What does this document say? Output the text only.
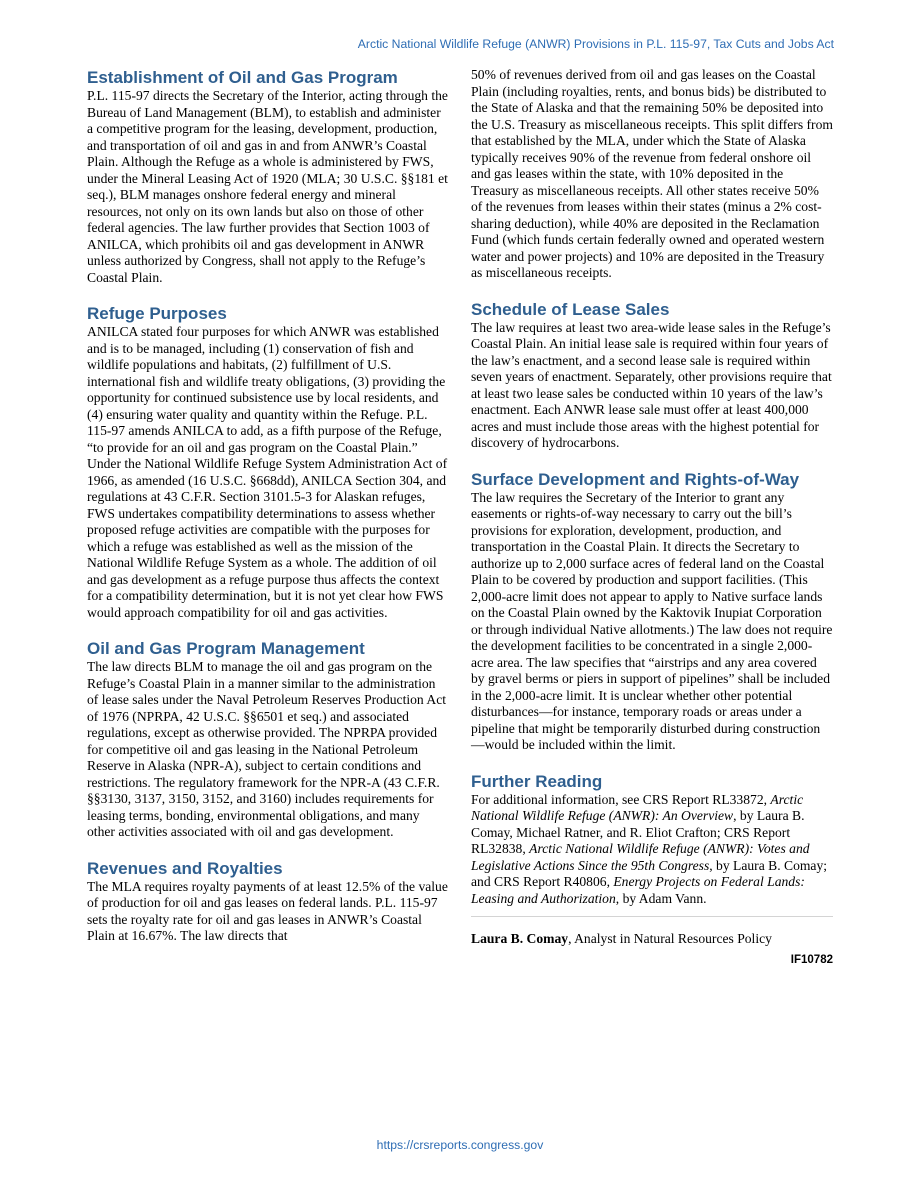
Arctic National Wildlife Refuge (ANWR) Provisions in P.L. 115-97, Tax Cuts and Jobs Act
Establishment of Oil and Gas Program

P.L. 115-97 directs the Secretary of the Interior, acting through the Bureau of Land Management (BLM), to establish and administer a competitive program for the leasing, development, production, and transportation of oil and gas in and from ANWR’s Coastal Plain. Although the Refuge as a whole is administered by FWS, under the Mineral Leasing Act of 1920 (MLA; 30 U.S.C. §§181 et seq.), BLM manages onshore federal energy and mineral resources, not only on its own lands but also on those of other federal agencies. The law further provides that Section 1003 of ANILCA, which prohibits oil and gas development in ANWR unless authorized by Congress, shall not apply to the Refuge’s Coastal Plain.

Refuge Purposes

ANILCA stated four purposes for which ANWR was established and is to be managed, including (1) conservation of fish and wildlife populations and habitats, (2) fulfillment of U.S. international fish and wildlife treaty obligations, (3) providing the opportunity for continued subsistence use by local residents, and (4) ensuring water quality and quantity within the Refuge. P.L. 115-97 amends ANILCA to add, as a fifth purpose of the Refuge, “to provide for an oil and gas program on the Coastal Plain.” Under the National Wildlife Refuge System Administration Act of 1966, as amended (16 U.S.C. §668dd), ANILCA Section 304, and regulations at 43 C.F.R. Section 3101.5-3 for Alaskan refuges, FWS undertakes compatibility determinations to assess whether proposed refuge activities are compatible with the purposes for which a refuge was established as well as the mission of the National Wildlife Refuge System as a whole. The addition of oil and gas development as a refuge purpose thus affects the context for a compatibility determination, but it is not yet clear how FWS would approach compatibility for oil and gas activities.

Oil and Gas Program Management

The law directs BLM to manage the oil and gas program on the Refuge’s Coastal Plain in a manner similar to the administration of lease sales under the Naval Petroleum Reserves Production Act of 1976 (NPRPA, 42 U.S.C. §§6501 et seq.) and associated regulations, except as otherwise provided. The NPRPA provided for competitive oil and gas leasing in the National Petroleum Reserve in Alaska (NPR-A), subject to certain conditions and restrictions. The regulatory framework for the NPR-A (43 C.F.R. §§3130, 3137, 3150, 3152, and 3160) includes requirements for leasing terms, bonding, environmental obligations, and many other activities associated with oil and gas development.

Revenues and Royalties

The MLA requires royalty payments of at least 12.5% of the value of production for oil and gas leases on federal lands. P.L. 115-97 sets the royalty rate for oil and gas leases in ANWR’s Coastal Plain at 16.67%. The law directs that

50% of revenues derived from oil and gas leases on the Coastal Plain (including royalties, rents, and bonus bids) be distributed to the State of Alaska and that the remaining 50% be deposited into the U.S. Treasury as miscellaneous receipts. This split differs from that established by the MLA, under which the State of Alaska typically receives 90% of the revenue from federal onshore oil and gas leases within the state, with 10% deposited in the Treasury as miscellaneous receipts. All other states receive 50% of the revenues from leases within their states (minus a 2% cost-sharing deduction), while 40% are deposited in the Reclamation Fund (which funds certain federally owned and operated western water and power projects) and 10% are deposited in the Treasury as miscellaneous receipts.

Schedule of Lease Sales

The law requires at least two area-wide lease sales in the Refuge’s Coastal Plain. An initial lease sale is required within four years of the law’s enactment, and a second lease sale is required within seven years of enactment. Separately, other provisions require that at least two lease sales be conducted within 10 years of the law’s enactment. Each ANWR lease sale must offer at least 400,000 acres and must include those areas with the highest potential for discovery of hydrocarbons.

Surface Development and Rights-of-Way

The law requires the Secretary of the Interior to grant any easements or rights-of-way necessary to carry out the bill’s provisions for exploration, development, production, and transportation in the Coastal Plain. It directs the Secretary to authorize up to 2,000 surface acres of federal land on the Coastal Plain to be covered by production and support facilities. (This 2,000-acre limit does not appear to apply to Native surface lands on the Coastal Plain owned by the Kaktovik Inupiat Corporation or through individual Native allotments.) The law does not require the development facilities to be concentrated in a single 2,000-acre area. The law specifies that “airstrips and any area covered by gravel berms or piers in support of pipelines” shall be included in the 2,000-acre limit. It is unclear whether other potential disturbances—for instance, temporary roads or areas under a pipeline that might be temporarily disturbed during construction—would be included within the limit.

Further Reading

For additional information, see CRS Report RL33872, Arctic National Wildlife Refuge (ANWR): An Overview, by Laura B. Comay, Michael Ratner, and R. Eliot Crafton; CRS Report RL32838, Arctic National Wildlife Refuge (ANWR): Votes and Legislative Actions Since the 95th Congress, by Laura B. Comay; and CRS Report R40806, Energy Projects on Federal Lands: Leasing and Authorization, by Adam Vann.

Laura B. Comay, Analyst in Natural Resources Policy

IF10782
https://crsreports.congress.gov
